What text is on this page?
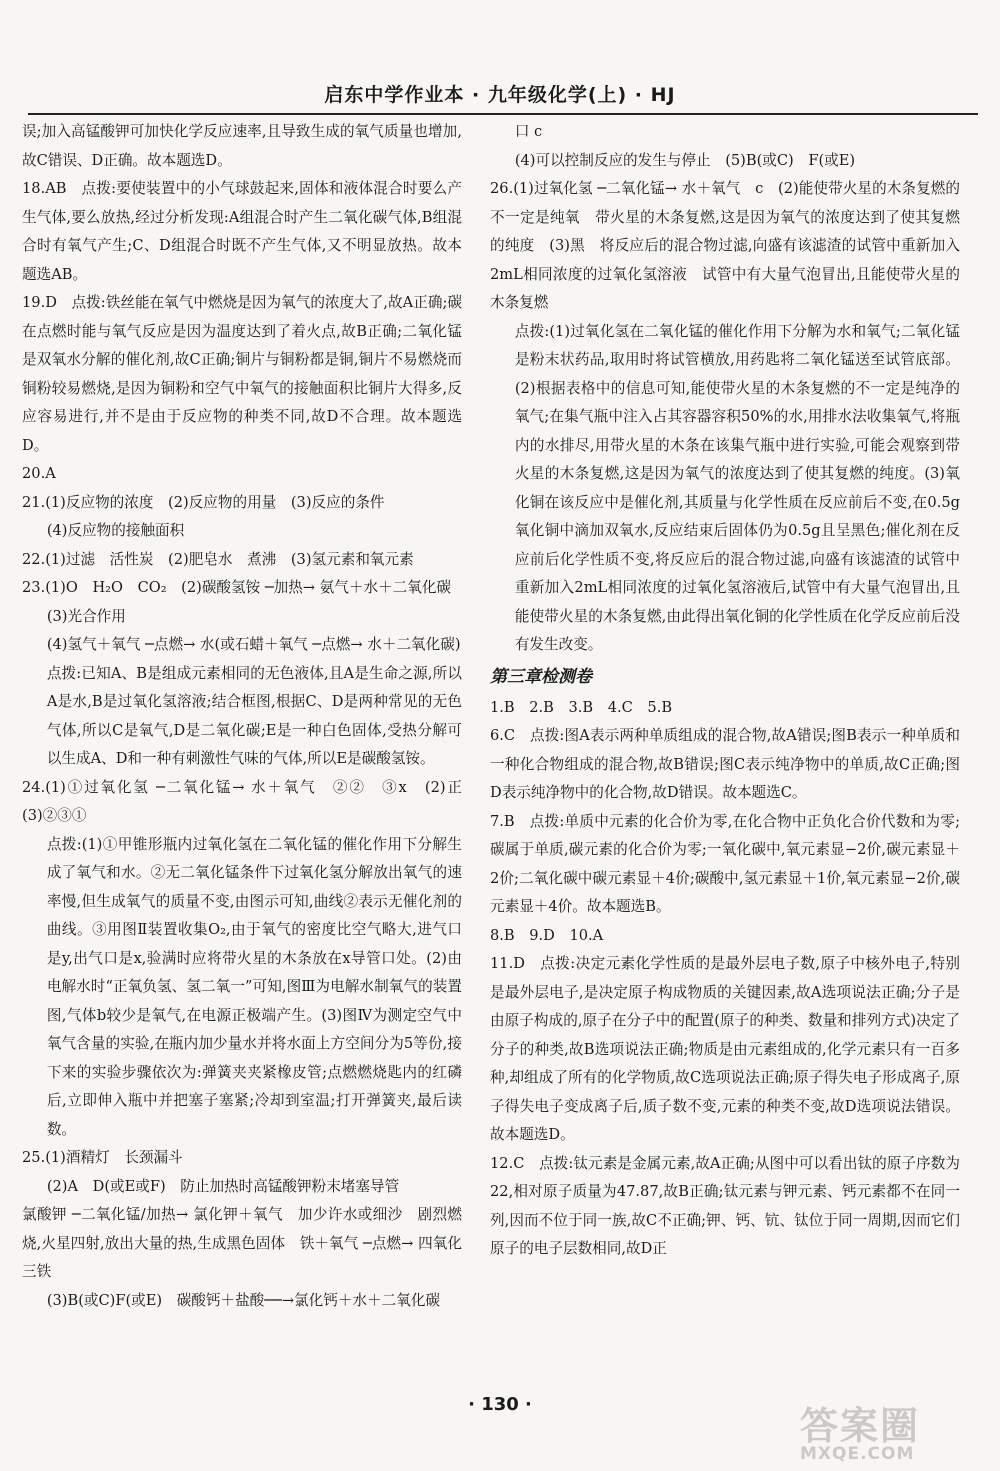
启东中学作业本 · 九年级化学(上) · HJ

误;加入高锰酸钾可加快化学反应速率,且导致生成的氧气质量也增加,故C错误、D正确。故本题选D。

18.AB　点拨:要使装置中的小气球鼓起来,固体和液体混合时要么产生气体,要么放热,经过分析发现:A组混合时产生二氧化碳气体,B组混合时有氧气产生;C、D组混合时既不产生气体,又不明显放热。故本题选AB。

19.D　点拨:铁丝能在氧气中燃烧是因为氧气的浓度大了,故A正确;碳在点燃时能与氧气反应是因为温度达到了着火点,故B正确;二氧化锰是双氧水分解的催化剂,故C正确;铜片与铜粉都是铜,铜片不易燃烧而铜粉较易燃烧,是因为铜粉和空气中氧气的接触面积比铜片大得多,反应容易进行,并不是由于反应物的种类不同,故D不合理。故本题选D。

20.A

21.(1)反应物的浓度　(2)反应物的用量　(3)反应的条件

(4)反应物的接触面积

22.(1)过滤　活性炭　(2)肥皂水　煮沸　(3)氢元素和氧元素

23.(1)O　H₂O　CO₂　(2)碳酸氢铵 ─加热→ 氨气＋水＋二氧化碳

(3)光合作用

(4)氢气＋氧气 ─点燃→ 水(或石蜡＋氧气 ─点燃→ 水＋二氧化碳)

点拨:已知A、B是组成元素相同的无色液体,且A是生命之源,所以A是水,B是过氧化氢溶液;结合框图,根据C、D是两种常见的无色气体,所以C是氧气,D是二氧化碳;E是一种白色固体,受热分解可以生成A、D和一种有刺激性气味的气体,所以E是碳酸氢铵。

24.(1)①过氧化氢 ─二氧化锰→ 水＋氧气　②②　③x　(2)正　(3)②③①

点拨:(1)①甲锥形瓶内过氧化氢在二氧化锰的催化作用下分解生成了氧气和水。②无二氧化锰条件下过氧化氢分解放出氧气的速率慢,但生成氧气的质量不变,由图示可知,曲线②表示无催化剂的曲线。③用图Ⅱ装置收集O₂,由于氧气的密度比空气略大,进气口是y,出气口是x,验满时应将带火星的木条放在x导管口处。(2)由电解水时“正氧负氢、氢二氧一”可知,图Ⅲ为电解水制氧气的装置图,气体b较少是氧气,在电源正极端产生。(3)图Ⅳ为测定空气中氧气含量的实验,在瓶内加少量水并将水面上方空间分为5等份,接下来的实验步骤依次为:弹簧夹夹紧橡皮管;点燃燃烧匙内的红磷后,立即伸入瓶中并把塞子塞紧;冷却到室温;打开弹簧夹,最后读数。

25.(1)酒精灯　长颈漏斗

(2)A　D(或E或F)　防止加热时高锰酸钾粉末堵塞导管

氯酸钾 ─二氧化锰/加热→ 氯化钾＋氧气　加少许水或细沙　剧烈燃烧,火星四射,放出大量的热,生成黑色固体　铁＋氧气 ─点燃→ 四氧化三铁

(3)B(或C)F(或E)　碳酸钙＋盐酸──→氯化钙＋水＋二氧化碳

口 c

(4)可以控制反应的发生与停止　(5)B(或C)　F(或E)

26.(1)过氧化氢 ─二氧化锰→ 水＋氧气　c　(2)能使带火星的木条复燃的不一定是纯氧　带火星的木条复燃,这是因为氧气的浓度达到了使其复燃的纯度　(3)黑　将反应后的混合物过滤,向盛有该滤渣的试管中重新加入2mL相同浓度的过氧化氢溶液　试管中有大量气泡冒出,且能使带火星的木条复燃

点拨:(1)过氧化氢在二氧化锰的催化作用下分解为水和氧气;二氧化锰是粉末状药品,取用时将试管横放,用药匙将二氧化锰送至试管底部。(2)根据表格中的信息可知,能使带火星的木条复燃的不一定是纯净的氧气;在集气瓶中注入占其容器容积50%的水,用排水法收集氧气,将瓶内的水排尽,用带火星的木条在该集气瓶中进行实验,可能会观察到带火星的木条复燃,这是因为氧气的浓度达到了使其复燃的纯度。(3)氧化铜在该反应中是催化剂,其质量与化学性质在反应前后不变,在0.5g氧化铜中滴加双氧水,反应结束后固体仍为0.5g且呈黑色;催化剂在反应前后化学性质不变,将反应后的混合物过滤,向盛有该滤渣的试管中重新加入2mL相同浓度的过氧化氢溶液后,试管中有大量气泡冒出,且能使带火星的木条复燃,由此得出氧化铜的化学性质在化学反应前后没有发生改变。

第三章检测卷

1.B　2.B　3.B　4.C　5.B

6.C　点拨:图A表示两种单质组成的混合物,故A错误;图B表示一种单质和一种化合物组成的混合物,故B错误;图C表示纯净物中的单质,故C正确;图D表示纯净物中的化合物,故D错误。故本题选C。

7.B　点拨:单质中元素的化合价为零,在化合物中正负化合价代数和为零;碳属于单质,碳元素的化合价为零;一氧化碳中,氧元素显−2价,碳元素显＋2价;二氧化碳中碳元素显＋4价;碳酸中,氢元素显＋1价,氧元素显−2价,碳元素显＋4价。故本题选B。

8.B　9.D　10.A

11.D　点拨:决定元素化学性质的是最外层电子数,原子中核外电子,特别是最外层电子,是决定原子构成物质的关键因素,故A选项说法正确;分子是由原子构成的,原子在分子中的配置(原子的种类、数量和排列方式)决定了分子的种类,故B选项说法正确;物质是由元素组成的,化学元素只有一百多种,却组成了所有的化学物质,故C选项说法正确;原子得失电子形成离子,原子得失电子变成离子后,质子数不变,元素的种类不变,故D选项说法错误。故本题选D。

12.C　点拨:钛元素是金属元素,故A正确;从图中可以看出钛的原子序数为22,相对原子质量为47.87,故B正确;钛元素与钾元素、钙元素都不在同一列,因而不位于同一族,故C不正确;钾、钙、钪、钛位于同一周期,因而它们原子的电子层数相同,故D正

· 130 ·	答案圈
MXQE.COM
